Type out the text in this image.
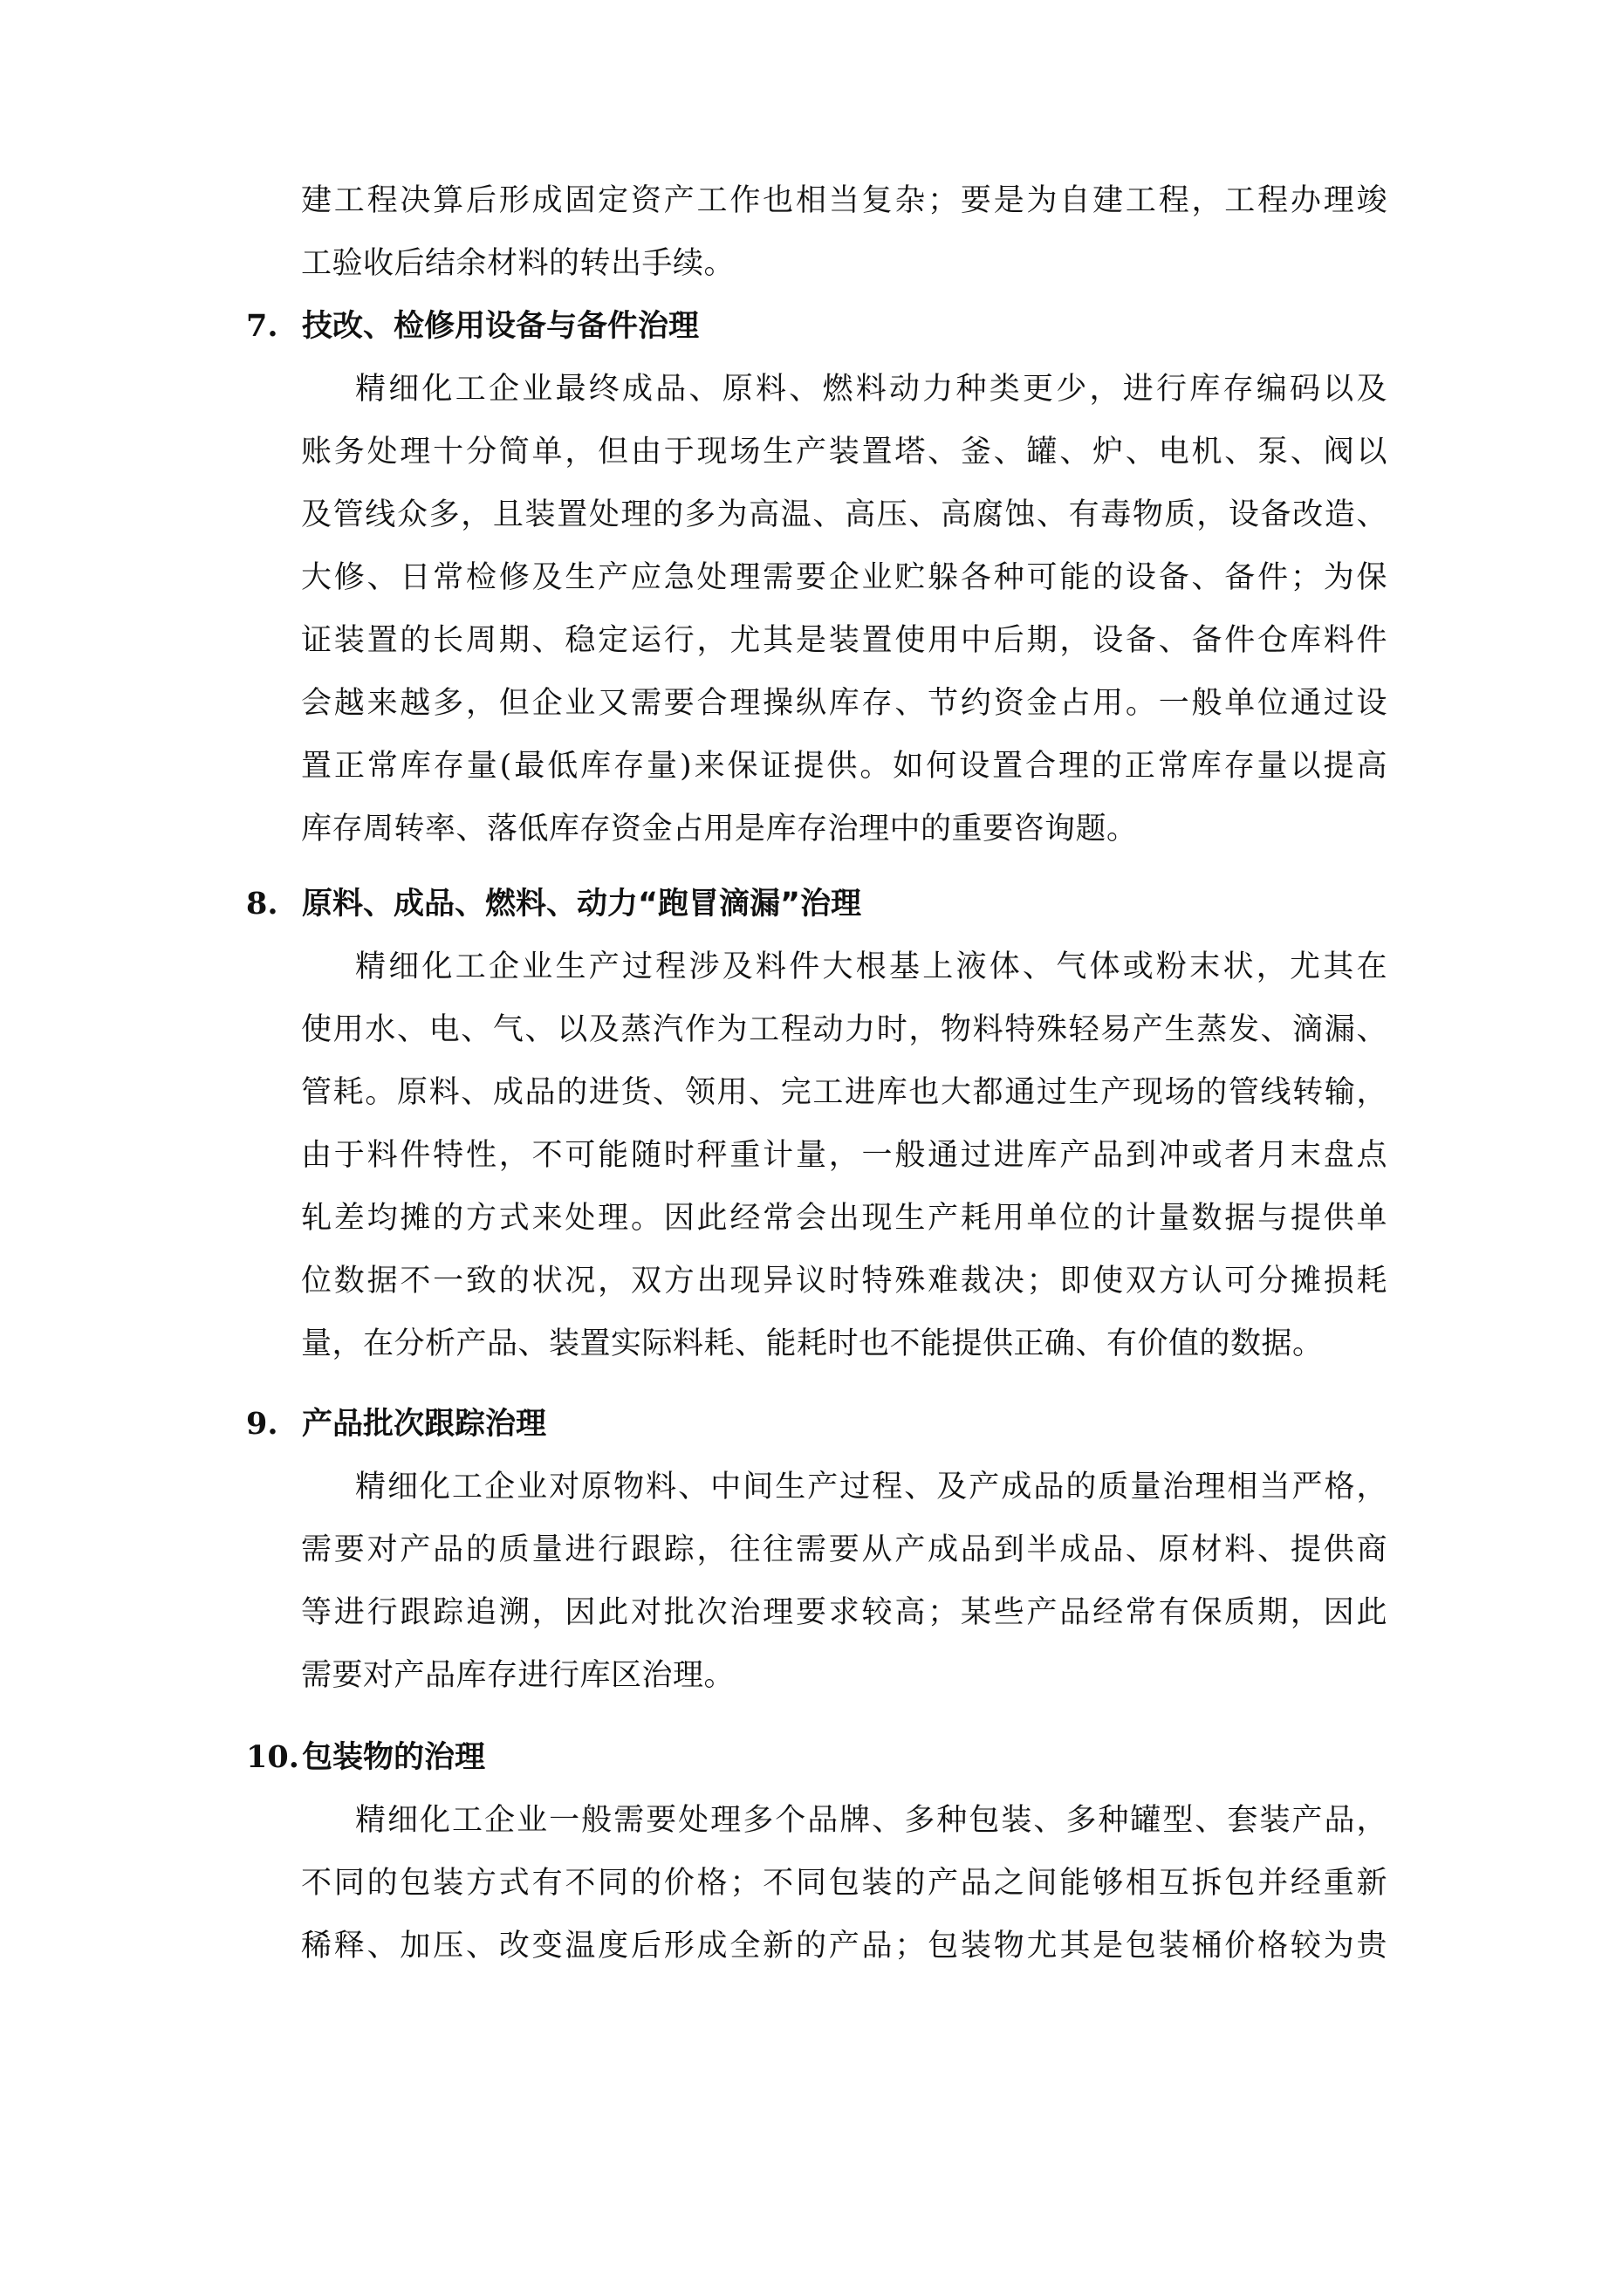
建工程决算后形成固定资产工作也相当复杂；要是为自建工程，工程办理竣
工验收后结余材料的转出手续。
7. 技改、检修用设备与备件治理
精细化工企业最终成品、原料、燃料动力种类更少，进行库存编码以及
账务处理十分简单，但由于现场生产装置塔、釜、罐、炉、电机、泵、阀以
及管线众多，且装置处理的多为高温、高压、高腐蚀、有毒物质，设备改造、
大修、日常检修及生产应急处理需要企业贮躲各种可能的设备、备件；为保
证装置的长周期、稳定运行，尤其是装置使用中后期，设备、备件仓库料件
会越来越多，但企业又需要合理操纵库存、节约资金占用。一般单位通过设
置正常库存量(最低库存量)来保证提供。如何设置合理的正常库存量以提高
库存周转率、落低库存资金占用是库存治理中的重要咨询题。
8. 原料、成品、燃料、动力“跑冒滴漏”治理
精细化工企业生产过程涉及料件大根基上液体、气体或粉末状，尤其在
使用水、电、气、以及蒸汽作为工程动力时，物料特殊轻易产生蒸发、滴漏、
管耗。原料、成品的进货、领用、完工进库也大都通过生产现场的管线转输，
由于料件特性，不可能随时秤重计量，一般通过进库产品到冲或者月末盘点
轧差均摊的方式来处理。因此经常会出现生产耗用单位的计量数据与提供单
位数据不一致的状况，双方出现异议时特殊难裁决；即使双方认可分摊损耗
量，在分析产品、装置实际料耗、能耗时也不能提供正确、有价值的数据。
9. 产品批次跟踪治理
精细化工企业对原物料、中间生产过程、及产成品的质量治理相当严格，
需要对产品的质量进行跟踪，往往需要从产成品到半成品、原材料、提供商
等进行跟踪追溯，因此对批次治理要求较高；某些产品经常有保质期，因此
需要对产品库存进行库区治理。
10.包装物的治理
精细化工企业一般需要处理多个品牌、多种包装、多种罐型、套装产品，
不同的包装方式有不同的价格；不同包装的产品之间能够相互拆包并经重新
稀释、加压、改变温度后形成全新的产品；包装物尤其是包装桶价格较为贵
